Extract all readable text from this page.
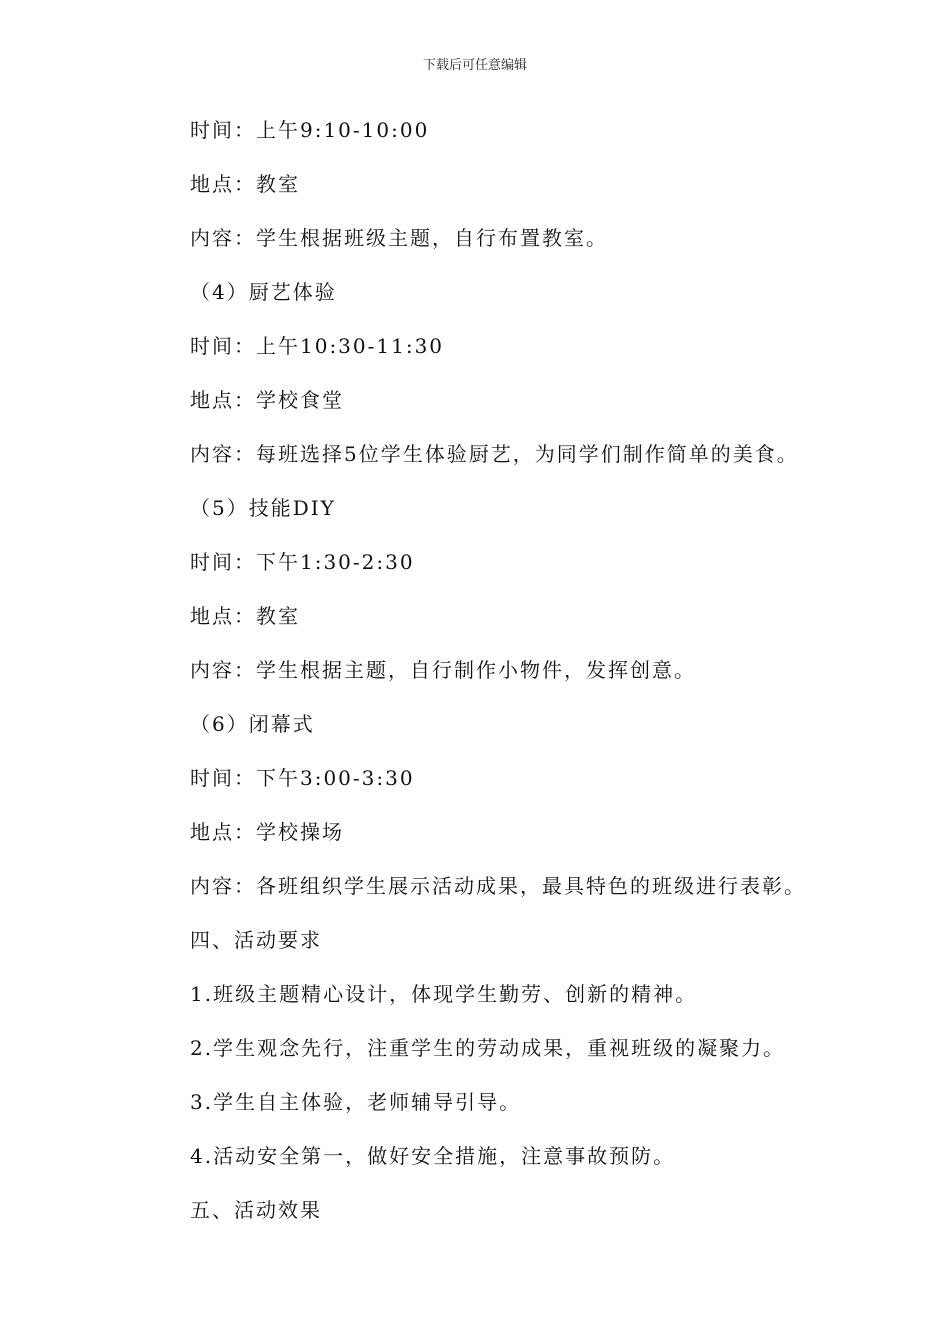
下载后可任意编辑
时间：上午9:10-10:00
地点：教室
内容：学生根据班级主题，自行布置教室。
（4）厨艺体验
时间：上午10:30-11:30
地点：学校食堂
内容：每班选择5位学生体验厨艺，为同学们制作简单的美食。
（5）技能DIY
时间：下午1:30-2:30
地点：教室
内容：学生根据主题，自行制作小物件，发挥创意。
（6）闭幕式
时间：下午3:00-3:30
地点：学校操场
内容：各班组织学生展示活动成果，最具特色的班级进行表彰。
四、活动要求
1.班级主题精心设计，体现学生勤劳、创新的精神。
2.学生观念先行，注重学生的劳动成果，重视班级的凝聚力。
3.学生自主体验，老师辅导引导。
4.活动安全第一，做好安全措施，注意事故预防。
五、活动效果
